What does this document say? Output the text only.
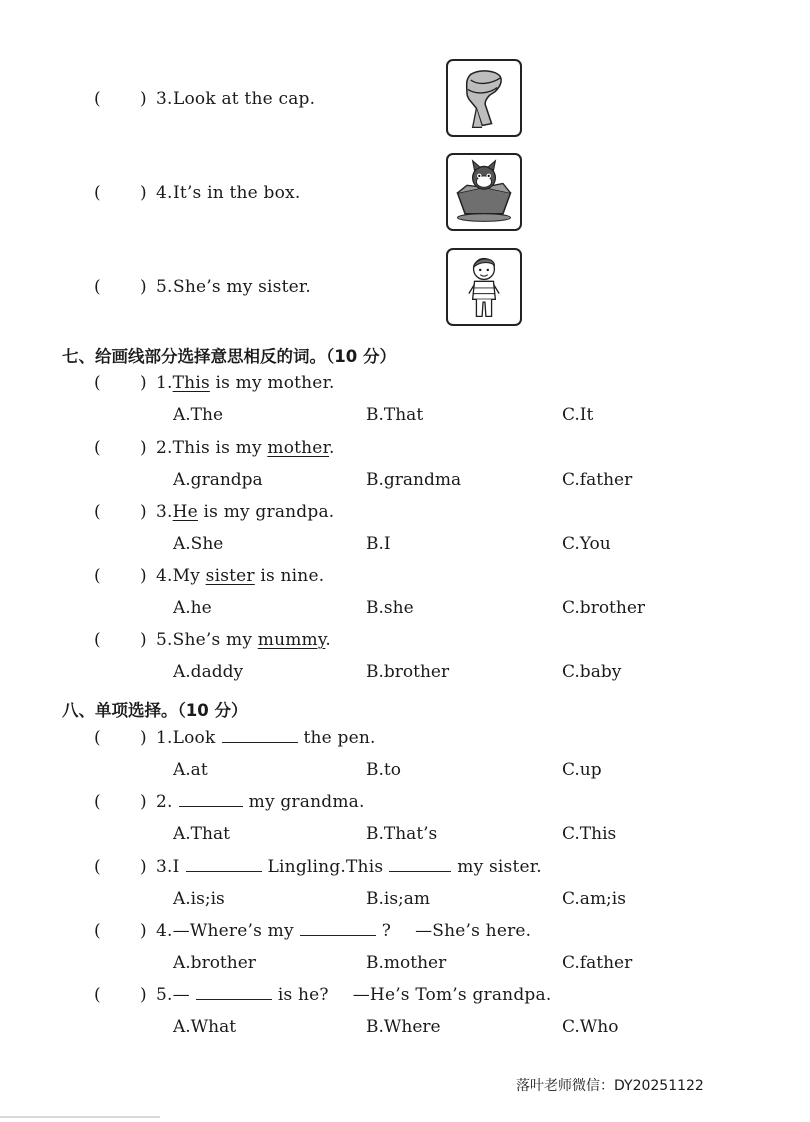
( ) 3. Look at the cap.
( ) 4. It’s in the box.
( ) 5. She’s my sister.
七、给画线部分选择意思相反的词。（10 分）
( ) 1.This is my mother.
A.The	B.That	C.It
( ) 2.This is my mother.
A.grandpa	B.grandma	C.father
( ) 3.He is my grandpa.
A.She	B.I	C.You
( ) 4.My sister is nine.
A.he	B.she	C.brother
( ) 5.She’s my mummy.
A.daddy	B.brother	C.baby
八、单项选择。（10 分）
( ) 1.Look	the pen.
A.at	B.to	C.up
( ) 2.	my grandma.
A.That	B.That’s	C.This
( ) 3.I	Lingling.This	my sister.
A.is;is	B.is;am	C.am;is
( ) 4.—Where’s my	? —She’s here.
A.brother	B.mother	C.father
( ) 5.—	is he? —He’s Tom’s grandpa.
A.What	B.Where	C.Who
落叶老师微信：DY20251122
